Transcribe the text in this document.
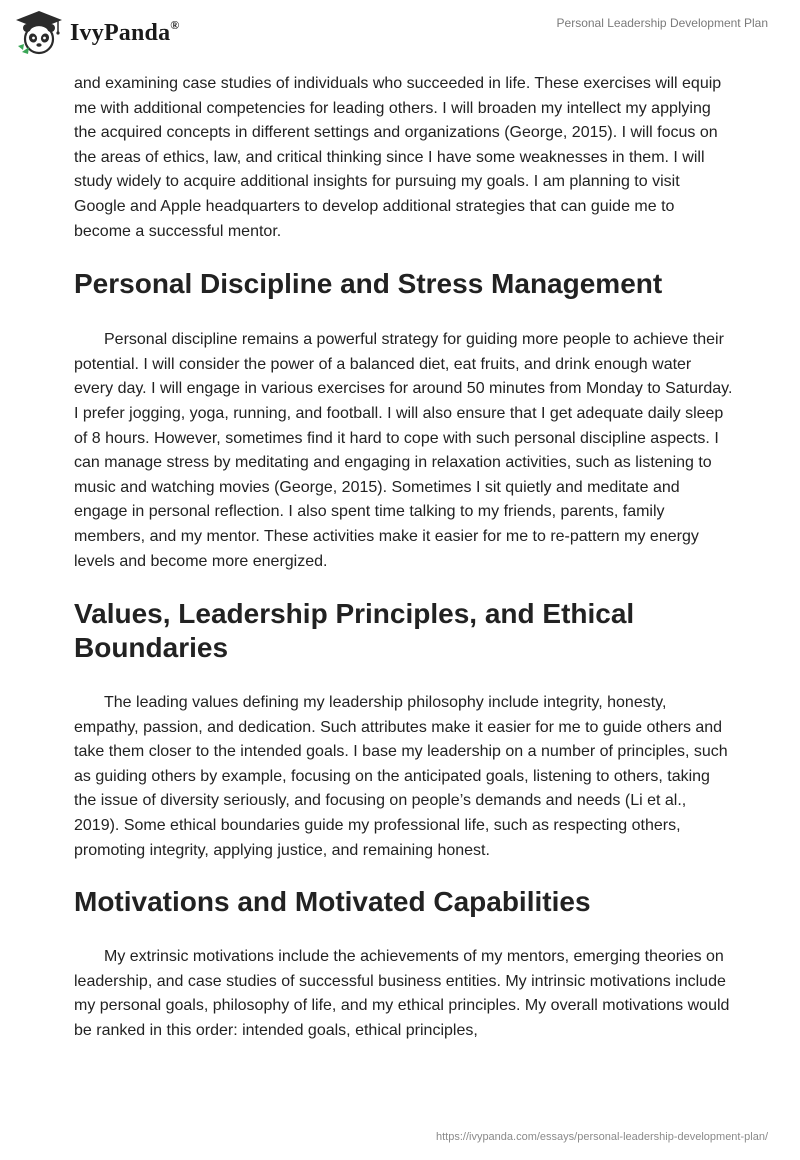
IvyPanda®	Personal Leadership Development Plan

and examining case studies of individuals who succeeded in life. These exercises will equip me with additional competencies for leading others. I will broaden my intellect my applying the acquired concepts in different settings and organizations (George, 2015). I will focus on the areas of ethics, law, and critical thinking since I have some weaknesses in them. I will study widely to acquire additional insights for pursuing my goals. I am planning to visit Google and Apple headquarters to develop additional strategies that can guide me to become a successful mentor.

Personal Discipline and Stress Management

Personal discipline remains a powerful strategy for guiding more people to achieve their potential. I will consider the power of a balanced diet, eat fruits, and drink enough water every day. I will engage in various exercises for around 50 minutes from Monday to Saturday. I prefer jogging, yoga, running, and football. I will also ensure that I get adequate daily sleep of 8 hours. However, sometimes find it hard to cope with such personal discipline aspects. I can manage stress by meditating and engaging in relaxation activities, such as listening to music and watching movies (George, 2015). Sometimes I sit quietly and meditate and engage in personal reflection. I also spent time talking to my friends, parents, family members, and my mentor. These activities make it easier for me to re-pattern my energy levels and become more energized.

Values, Leadership Principles, and Ethical Boundaries

The leading values defining my leadership philosophy include integrity, honesty, empathy, passion, and dedication. Such attributes make it easier for me to guide others and take them closer to the intended goals. I base my leadership on a number of principles, such as guiding others by example, focusing on the anticipated goals, listening to others, taking the issue of diversity seriously, and focusing on people’s demands and needs (Li et al., 2019). Some ethical boundaries guide my professional life, such as respecting others, promoting integrity, applying justice, and remaining honest.

Motivations and Motivated Capabilities

My extrinsic motivations include the achievements of my mentors, emerging theories on leadership, and case studies of successful business entities. My intrinsic motivations include my personal goals, philosophy of life, and my ethical principles. My overall motivations would be ranked in this order: intended goals, ethical principles,

https://ivypanda.com/essays/personal-leadership-development-plan/
